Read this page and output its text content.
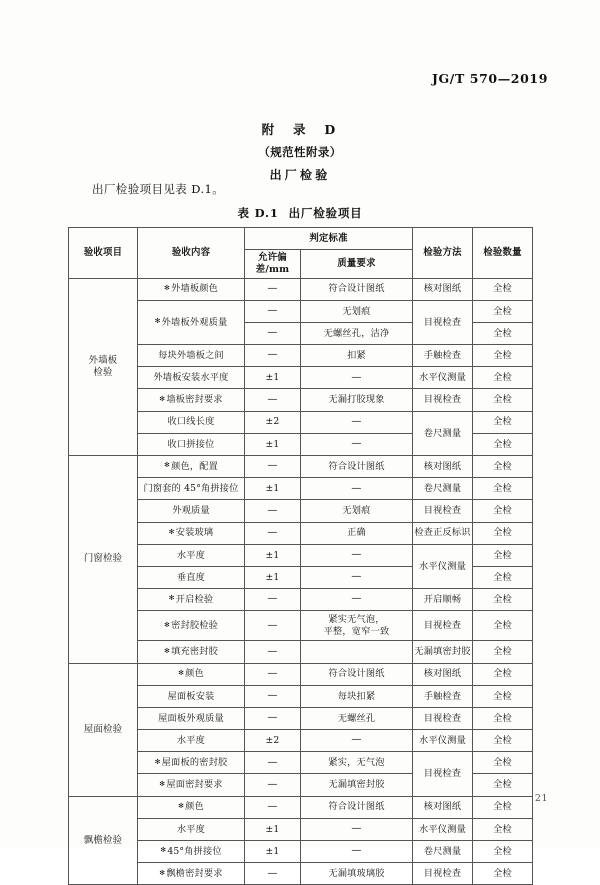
JG/T 570—2019
附　录　D
（规范性附录）
出厂检验
出厂检验项目见表 D.1。
表 D.1 出厂检验项目
验收项目	验收内容	判定标准		检验方法	检验数量
		允许偏差/mm	质量要求		
外墙板
检验	✻外墙板颜色	—	符合设计图纸	核对图纸	全检
	✻外墙板外观质量	—	无划痕	目视检查	全检
		—	无螺丝孔，洁净		全检
	每块外墙板之间	—	扣紧	手触检查	全检
	外墙板安装水平度	±1	—	水平仪测量	全检
	✻墙板密封要求	—	无漏打胶现象	目视检查	全检
	收口线长度	±2	—	卷尺测量	全检
	收口拼接位	±1	—		全检
门窗检验	✻颜色，配置	—	符合设计图纸	核对图纸	全检
	门窗套的 45°角拼接位	±1	—	卷尺测量	全检
	外观质量	—	无划痕	目视检查	全检
	✻安装玻璃	—	正确	检查正反标识	全检
	水平度	±1	—	水平仪测量	全检
	垂直度	±1	—		全检
	✻开启检验	—	—	开启顺畅	全检
	✻密封胶检验	—	紧实无气泡，
平整，宽窄一致	目视检查	全检
	✻填充密封胶	—		无漏填密封胶	全检
屋面检验	✻颜色	—	符合设计图纸	核对图纸	全检
	屋面板安装	—	每块扣紧	手触检查	全检
	屋面板外观质量	—	无螺丝孔	目视检查	全检
	水平度	±2	—	水平仪测量	全检
	✻屋面板的密封胶	—	紧实，无气泡	目视检查	全检
	✻屋面密封要求	—	无漏填密封胶		全检
飘檐检验	✻颜色	—	符合设计图纸	核对图纸	全检
	水平度	±1	—	水平仪测量	全检
	✻45°角拼接位	±1	—	卷尺测量	全检
	✻飘檐密封要求	—	无漏填玻璃胶	目视检查	全检
21
